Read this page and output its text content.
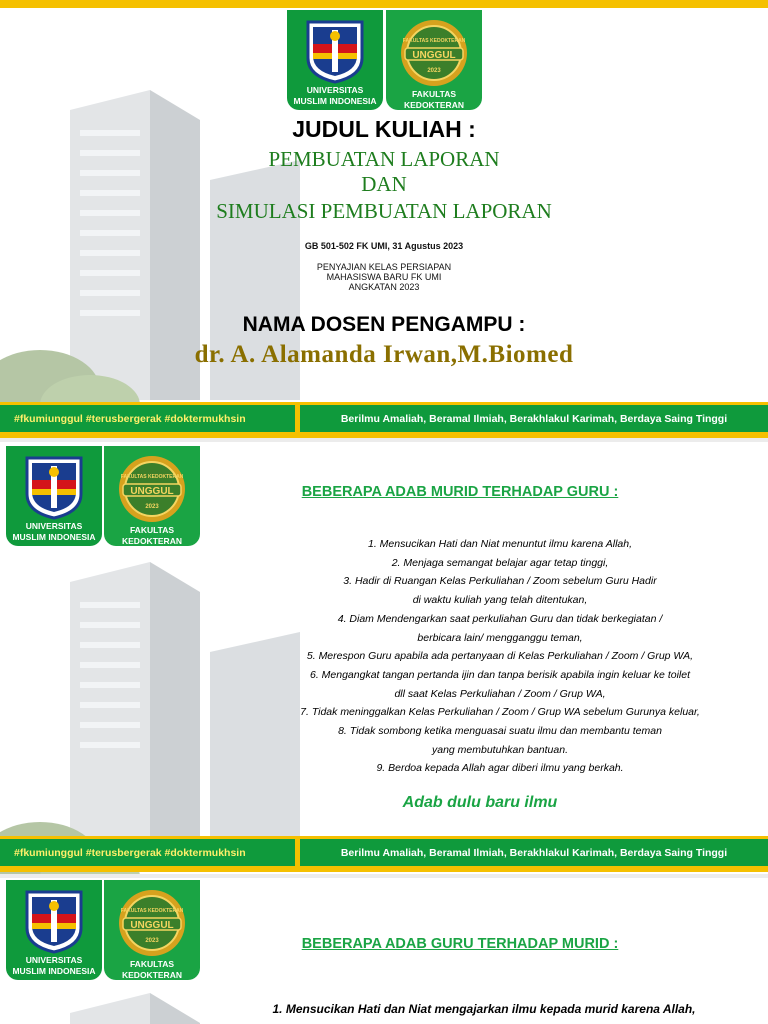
UNIVERSITAS
MUSLIM INDONESIA
UNGGUL
FAKULTAS KEDOKTERAN
2023
FAKULTAS
KEDOKTERAN
JUDUL KULIAH :
PEMBUATAN LAPORAN
DAN
SIMULASI PEMBUATAN LAPORAN
GB 501-502 FK UMI, 31 Agustus 2023
PENYAJIAN KELAS PERSIAPAN
MAHASISWA BARU FK UMI
ANGKATAN 2023
NAMA DOSEN PENGAMPU :
dr. A. Alamanda Irwan,M.Biomed
#fkumiunggul #terusbergerak #doktermukhsin	Berilmu Amaliah, Beramal Ilmiah, Berakhlakul Karimah, Berdaya Saing Tinggi
UNIVERSITAS
MUSLIM INDONESIA
UNGGUL
FAKULTAS KEDOKTERAN
2023
FAKULTAS
KEDOKTERAN
BEBERAPA ADAB MURID TERHADAP GURU :
1. Mensucikan Hati dan Niat menuntut ilmu karena Allah,
2. Menjaga semangat belajar agar tetap tinggi,
3. Hadir di Ruangan Kelas Perkuliahan / Zoom sebelum Guru Hadir
di waktu kuliah yang telah ditentukan,
4. Diam Mendengarkan saat perkuliahan Guru dan tidak berkegiatan /
berbicara lain/ mengganggu teman,
5. Merespon Guru apabila ada pertanyaan di Kelas Perkuliahan / Zoom / Grup WA,
6. Mengangkat tangan pertanda ijin dan tanpa berisik apabila ingin keluar ke toilet
dll saat Kelas Perkuliahan / Zoom / Grup WA,
7. Tidak meninggalkan Kelas Perkuliahan / Zoom / Grup WA sebelum Gurunya keluar,
8. Tidak sombong ketika menguasai suatu ilmu dan membantu teman
yang membutuhkan bantuan.
9. Berdoa kepada Allah agar diberi ilmu yang berkah.
Adab dulu baru ilmu
#fkumiunggul #terusbergerak #doktermukhsin	Berilmu Amaliah, Beramal Ilmiah, Berakhlakul Karimah, Berdaya Saing Tinggi
UNIVERSITAS
MUSLIM INDONESIA
UNGGUL
FAKULTAS KEDOKTERAN
2023
FAKULTAS
KEDOKTERAN
BEBERAPA ADAB GURU TERHADAP MURID :
1. Mensucikan Hati dan Niat mengajarkan ilmu kepada murid karena Allah,
